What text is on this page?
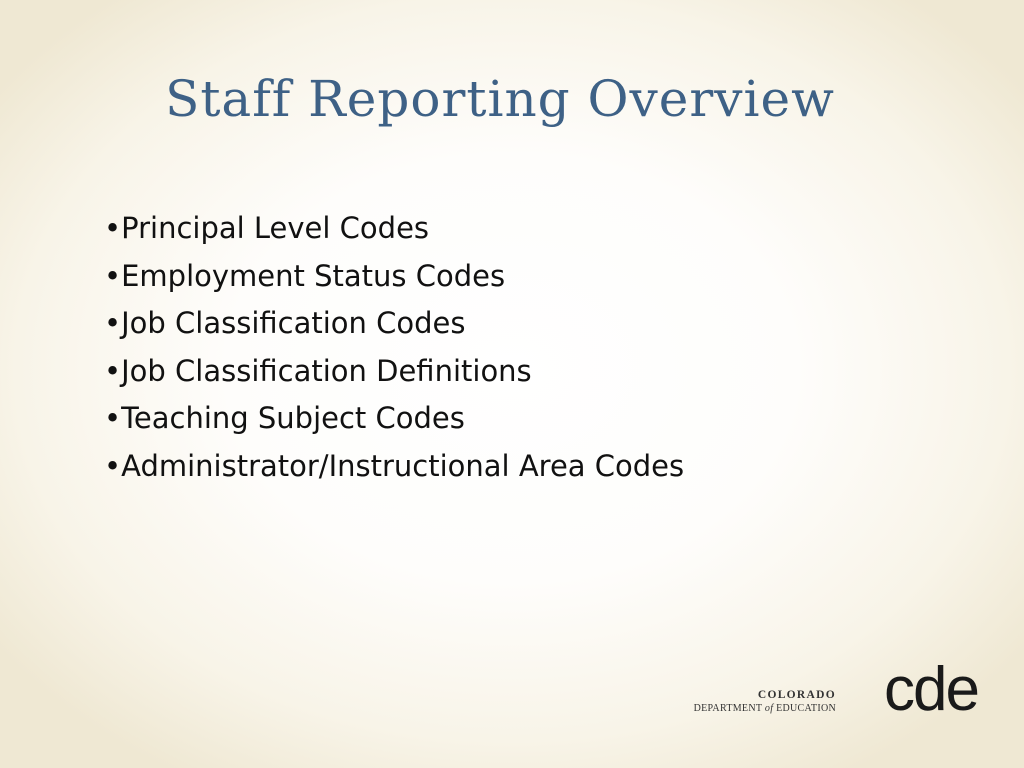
Staff Reporting Overview
•Principal Level Codes
•Employment Status Codes
•Job Classification Codes
•Job Classification Definitions
•Teaching Subject Codes
•Administrator/Instructional Area Codes
COLORADO
DEPARTMENT of EDUCATION cde
